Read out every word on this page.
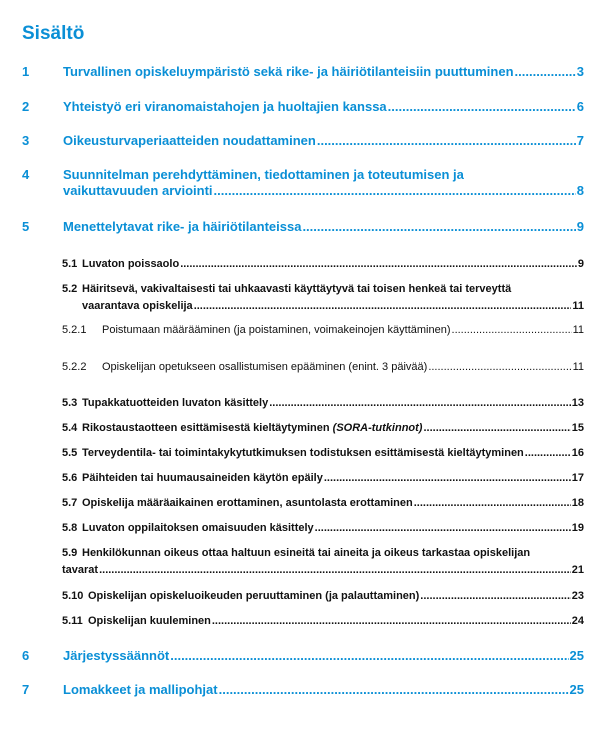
Sisältö
1	Turvallinen opiskeluympäristö sekä rike- ja häiriötilanteisiin puuttuminen .....	3
2	Yhteistyö eri viranomaistahojen ja huoltajien kanssa .....	6
3	Oikeusturvaperiaatteiden noudattaminen .....	7
4	Suunnitelman perehdyttäminen, tiedottaminen ja toteutumisen ja
vaikuttavuuden arviointi .....	8
5	Menettelytavat rike- ja häiriötilanteissa .....	9
5.1 Luvaton poissaolo .....	9
5.2 Häiritsevä, vakivaltaisesti tai uhkaavasti käyttäytyvä tai toisen henkeä tai terveyttä
vaarantava opiskelija .....	11
5.2.1 Poistumaan määrääminen (ja poistaminen, voimakeinojen käyttäminen) .....	11
5.2.2 Opiskelijan opetukseen osallistumisen epääminen (enint. 3 päivää) .....	11
5.3 Tupakkatuotteiden luvaton käsittely .....	13
5.4 Rikostaustaotteen esittämisestä kieltäytyminen (SORA-tutkinnot) .....	15
5.5 Terveydentila- tai toimintakykytutkimuksen todistuksen esittämisestä kieltäytyminen .....	16
5.6 Päihteiden tai huumausaineiden käytön epäily .....	17
5.7 Opiskelija määräaikainen erottaminen, asuntolasta erottaminen .....	18
5.8 Luvaton oppilaitoksen omaisuuden käsittely .....	19
5.9 Henkilökunnan oikeus ottaa haltuun esineitä tai aineita ja oikeus tarkastaa opiskelijan
tavarat .....	21
5.10 Opiskelijan opiskeluoikeuden peruuttaminen (ja palauttaminen) .....	23
5.11 Opiskelijan kuuleminen .....	24
6	Järjestyssäännöt .....	25
7	Lomakkeet ja mallipohjat .....	25
